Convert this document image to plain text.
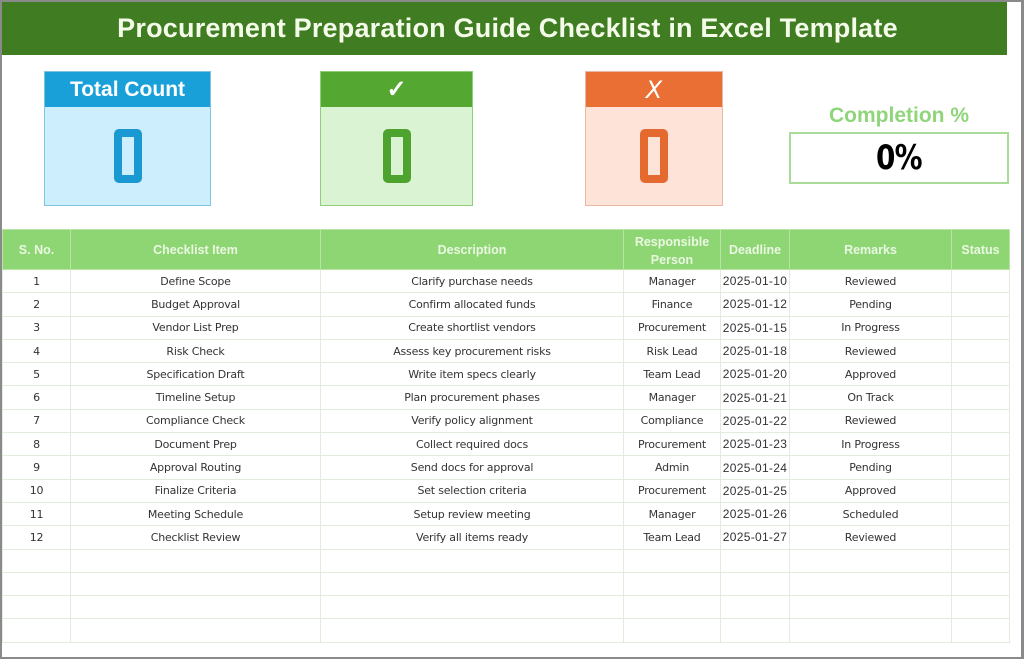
Procurement Preparation Guide Checklist in Excel Template
Total Count	✓	X
Completion %
0%
S. No.	Checklist Item	Description	Responsible Person	Deadline	Remarks	Status
1	Define Scope	Clarify purchase needs	Manager	2025-01-10	Reviewed	
2	Budget Approval	Confirm allocated funds	Finance	2025-01-12	Pending	
3	Vendor List Prep	Create shortlist vendors	Procurement	2025-01-15	In Progress	
4	Risk Check	Assess key procurement risks	Risk Lead	2025-01-18	Reviewed	
5	Specification Draft	Write item specs clearly	Team Lead	2025-01-20	Approved	
6	Timeline Setup	Plan procurement phases	Manager	2025-01-21	On Track	
7	Compliance Check	Verify policy alignment	Compliance	2025-01-22	Reviewed	
8	Document Prep	Collect required docs	Procurement	2025-01-23	In Progress	
9	Approval Routing	Send docs for approval	Admin	2025-01-24	Pending	
10	Finalize Criteria	Set selection criteria	Procurement	2025-01-25	Approved	
11	Meeting Schedule	Setup review meeting	Manager	2025-01-26	Scheduled	
12	Checklist Review	Verify all items ready	Team Lead	2025-01-27	Reviewed	
